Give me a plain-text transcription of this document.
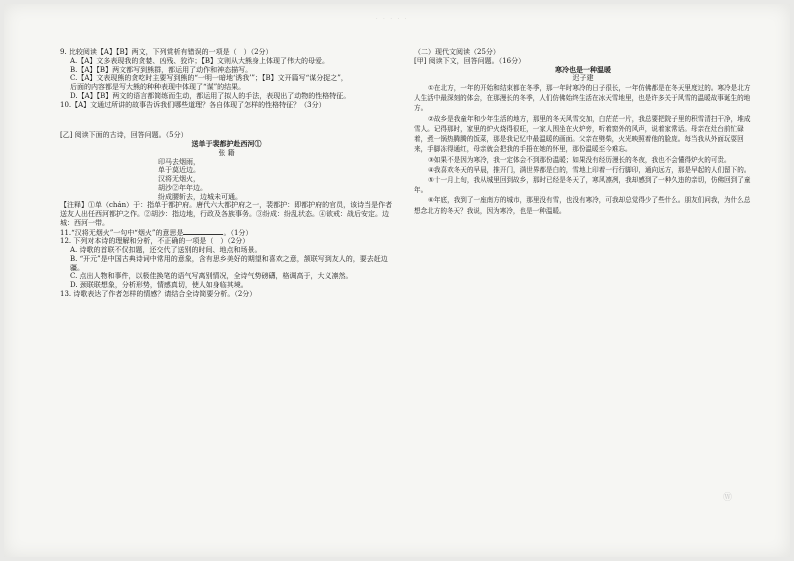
· · · · ·

9. 比较阅读【A】【B】两文，下列赏析有错误的一项是（　）（2分）

A.【A】文多表现我的贪婪、凶残、狡诈；【B】文则从大熊身上体现了伟大的母爱。

B.【A】【B】两文都写到熊群，都运用了动作和神态描写。

C.【A】文表现熊的贪吃时主要写到熊的“一明一暗地‘诱我’”；【B】文开篇写“谋分捉之”，

后面的内容都是写大熊的种种表现中体现了“谋”的结果。

D.【A】【B】两文的语言都简练而生动，都运用了拟人的手法，表现出了动物的性格特征。

10.【A】文通过所讲的故事告诉我们哪些道理？各自体现了怎样的性格特征？（3分）

[乙] 阅读下面的古诗，回答问题。（5分）

送单于裴都护赴西河①

张 籍

印马去烟雨，

单于莫近边。

汉将无烟火，

胡沙②年年边。

纷成腰斩去，边城未可通。

【注释】①单（chán）于：指单于都护府。唐代六大都护府之一，裴都护：即都护府的官员，该诗当是作者送友人出任西河都护之作。②胡沙：指边地，行政及各族事务。③纷成：纷乱状态。④欲戒：战后安定。边城：西河一带。

11.“汉将无烟火”一句中“烟火”的意思是	。（1分）

12. 下列对本诗的理解和分析，不正确的一项是（　）（2分）

A. 诗歌的首联不仅扣题，还交代了送别的时间、地点和场景。

B. “开元”是中国古典诗词中常用的意象，含有思乡美好的期望和喜欢之意，颔联写到友人的，要去赶边疆。

C. 点出人物和事件，以极佳换笔的语气写离别情况，全诗气势磅礴，格调高于，大义凛然。

D. 颈联联想象，分析形势，情感真切，使人如身临其境。

13. 诗歌表达了作者怎样的情感？请结合全诗简要分析。（2分）

（二）现代文阅读（25分）

[甲] 阅读下文，回答问题。（16分）

寒冷也是一种温暖

迟子建

①在北方，一年的开始和结束都在冬季，那一年时寒冷的日子很长，一年仿佛都是在冬天里度过的。寒冷是北方人生活中最深刻的体会，在那漫长的冬季，人们仿佛始终生活在冰天雪地里，也是许多关于风雪的温暖故事诞生的地方。

②故乡是我童年和少年生活的地方，那里的冬天风雪交加，白茫茫一片，我总要把院子里的积雪清扫干净，堆成雪人。记得那时，家里的炉火烧得很旺，一家人围坐在火炉旁，听着窗外的风声，说着家常话。母亲在灶台前忙碌着，煮一锅热腾腾的饭菜，那是我记忆中最温暖的画面。父亲在劈柴，火光映照着他的脸庞。每当我从外面玩耍回来，手脚冻得通红，母亲就会把我的手捂在她的怀里，那份温暖至今难忘。

③如果不是因为寒冷，我一定体会不到那份温暖；如果没有经历漫长的冬夜，我也不会懂得炉火的可贵。

④我喜欢冬天的早晨，推开门，满世界都是白的，雪地上印着一行行脚印，通向远方，那是早起的人们留下的。

⑤十一月上旬，我从城里回到故乡，那时已经是冬天了，寒风凛冽，我却感到了一种久违的亲切，仿佛回到了童年。

⑥年底，我到了一座南方的城市，那里没有雪，也没有寒冷，可我却总觉得少了些什么。朋友们问我，为什么总想念北方的冬天？我说，因为寒冷，也是一种温暖。

Ⓦ
